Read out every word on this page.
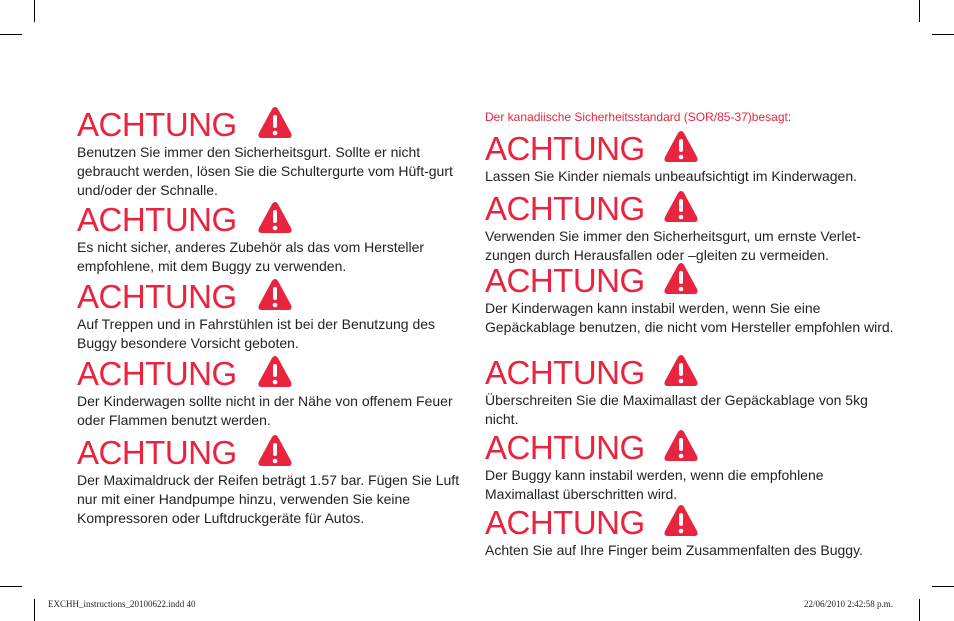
ACHTUNG
Benutzen Sie immer den Sicherheitsgurt. Sollte er nicht gebraucht werden, lösen Sie die Schultergurte vom Hüft-gurt und/oder der Schnalle.
ACHTUNG
Es nicht sicher, anderes Zubehör als das vom Hersteller empfohlene, mit dem Buggy zu verwenden.
ACHTUNG
Auf Treppen und in Fahrstühlen ist bei der Benutzung des Buggy besondere Vorsicht geboten.
ACHTUNG
Der Kinderwagen sollte nicht in der Nähe von offenem Feuer oder Flammen benutzt werden.
ACHTUNG
Der Maximaldruck der Reifen beträgt 1.57 bar. Fügen Sie Luft nur mit einer Handpumpe hinzu, verwenden Sie keine Kompressoren oder Luftdruckgeräte für Autos.
Der kanadiische Sicherheitsstandard (SOR/85-37)besagt:
ACHTUNG
Lassen Sie Kinder niemals unbeaufsichtigt im Kinderwagen.
ACHTUNG
Verwenden Sie immer den Sicherheitsgurt, um ernste Verlet-zungen durch Herausfallen oder –gleiten zu vermeiden.
ACHTUNG
Der Kinderwagen kann instabil werden, wenn Sie eine Gepäckablage benutzen, die nicht vom Hersteller empfohlen wird.
ACHTUNG
Überschreiten Sie die Maximallast der Gepäckablage von 5kg nicht.
ACHTUNG
Der Buggy kann instabil werden, wenn die empfohlene Maximallast überschritten wird.
ACHTUNG
Achten Sie auf Ihre Finger beim Zusammenfalten des Buggy.
EXCHH_instructions_20100622.indd 40	22/06/2010 2:42:58 p.m.
